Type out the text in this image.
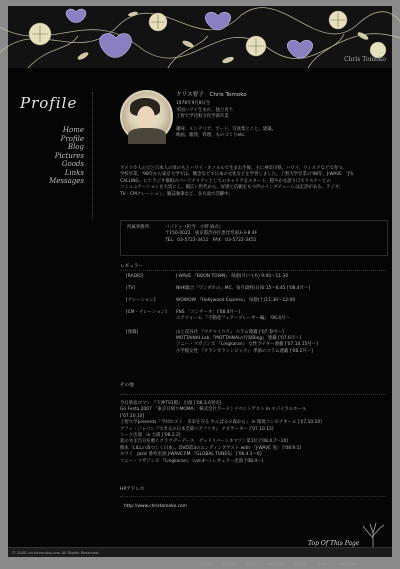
Chris Tomoko
Profile
Home
Profile
Blog
Pictures
Goods
Links
Messages
クリス智子　Chris Tomoko
1976年9月8日生
米国ハワイ生まれ、独立育ち
上智大学比較文化学部卒業

趣味：インテリア、アート、写真集とこと、建築。
映画、雑貨、料理、ものづくりetc.
アメリカ人の父と日本人の母のもとハワイ・ホノルルで生まれ生後、主に神奈川県、ハワイ、ウィスクなどで育つ。
学校卒業、'98年から東京大学では、概念などで日本の文化などを学習しました。上智大学卒業の'98年、J-WAVE 「J'S
CALLING」にてラジオ番組のパーソナリティとしてのキャリアをスタート。穏やかな語り口でリスナーとの
コミュニケーションを大切にし、幅広い世代から、好感と信頼をもつ声のインタビューには定評がある。ラジオ、
TV・CMナレーション、雑誌執筆など、多方面で活躍中。
所属事務所：	パパドゥ（担当：小野 麻衣）
〒150-0022　東京都渋谷区恵比寿南3-3-8 4F
TEL：03-5722-3411　FAX：03-5722-3451
レギュラー
[RADIO]	J-WAVE 『BOON TOWN』 毎週(月)～(木) 9:00～11:30
[TV]	NHK総合『ワンダホの』MC、毎月最終(日)6:15～6:45 ['08.4月～]
[ナレーション]	WOWOW 『Hollywood Express』 毎週(土)11:30～12:00
[CM・ナレーション] FNS 「コンチータ」['08.4月～]
エアウォーム 『不動産フェアープレーヤー編』 '06.4月～
[連載]	山と渓谷社 『マナマイコワ』 コラム連載 ['07.春号～]
MOTTAINAI Lab 『MOTTAINAIの付録Blog』 連載 ['07.6月～]
ソニー・マガジンズ 『Lingkaran』 女性ライター連載 ['07.10.15号～]
小学館女性 『クラシカラシンピック』 季節のコラム連載 ['08.2月～]
その他
今日新宿ロマン 『天神TS1館』 出演 ['08.3.6発売]
Go Festa 2007 「東京日帰りMOMA」 株式会社ラーメンイベントゲスト in スパイラルホール
['07.10.10]
上智大学presents「今回ホスト　未来を守る やんばるの森から」 in 環境コンビナオール ['07.10.10]
アフィ・ジャパン『できるの日本全部へアフリカ』 ナビゲーター ['07.10.15]
トーク出演　in 大阪 ['08.2.2]
窓のまま自分を磨くクラウデーデース　グッドリバーシネマソン第1位 ['08.4.7～10]
熊本「LILLの森つしく日本」、DVD第3のエンディングゲスト with 『J-WAVE 実』 ['08.9.1]
ホワイ　Jazzi 番外出演 J-WAVE FM 『GLOBAL TUNES』 ['08.4.1～6]
ソニー・マガジンズ 『Lingkaran』 (vol.4～) レギュラー出演 ['08.4～]
HPアドレス
http://www.christomoko.com
Top Of This Page
© 2008 christomoko.com All Rights Reserved.
home	profile	blog	pictures	goods	links	messages
